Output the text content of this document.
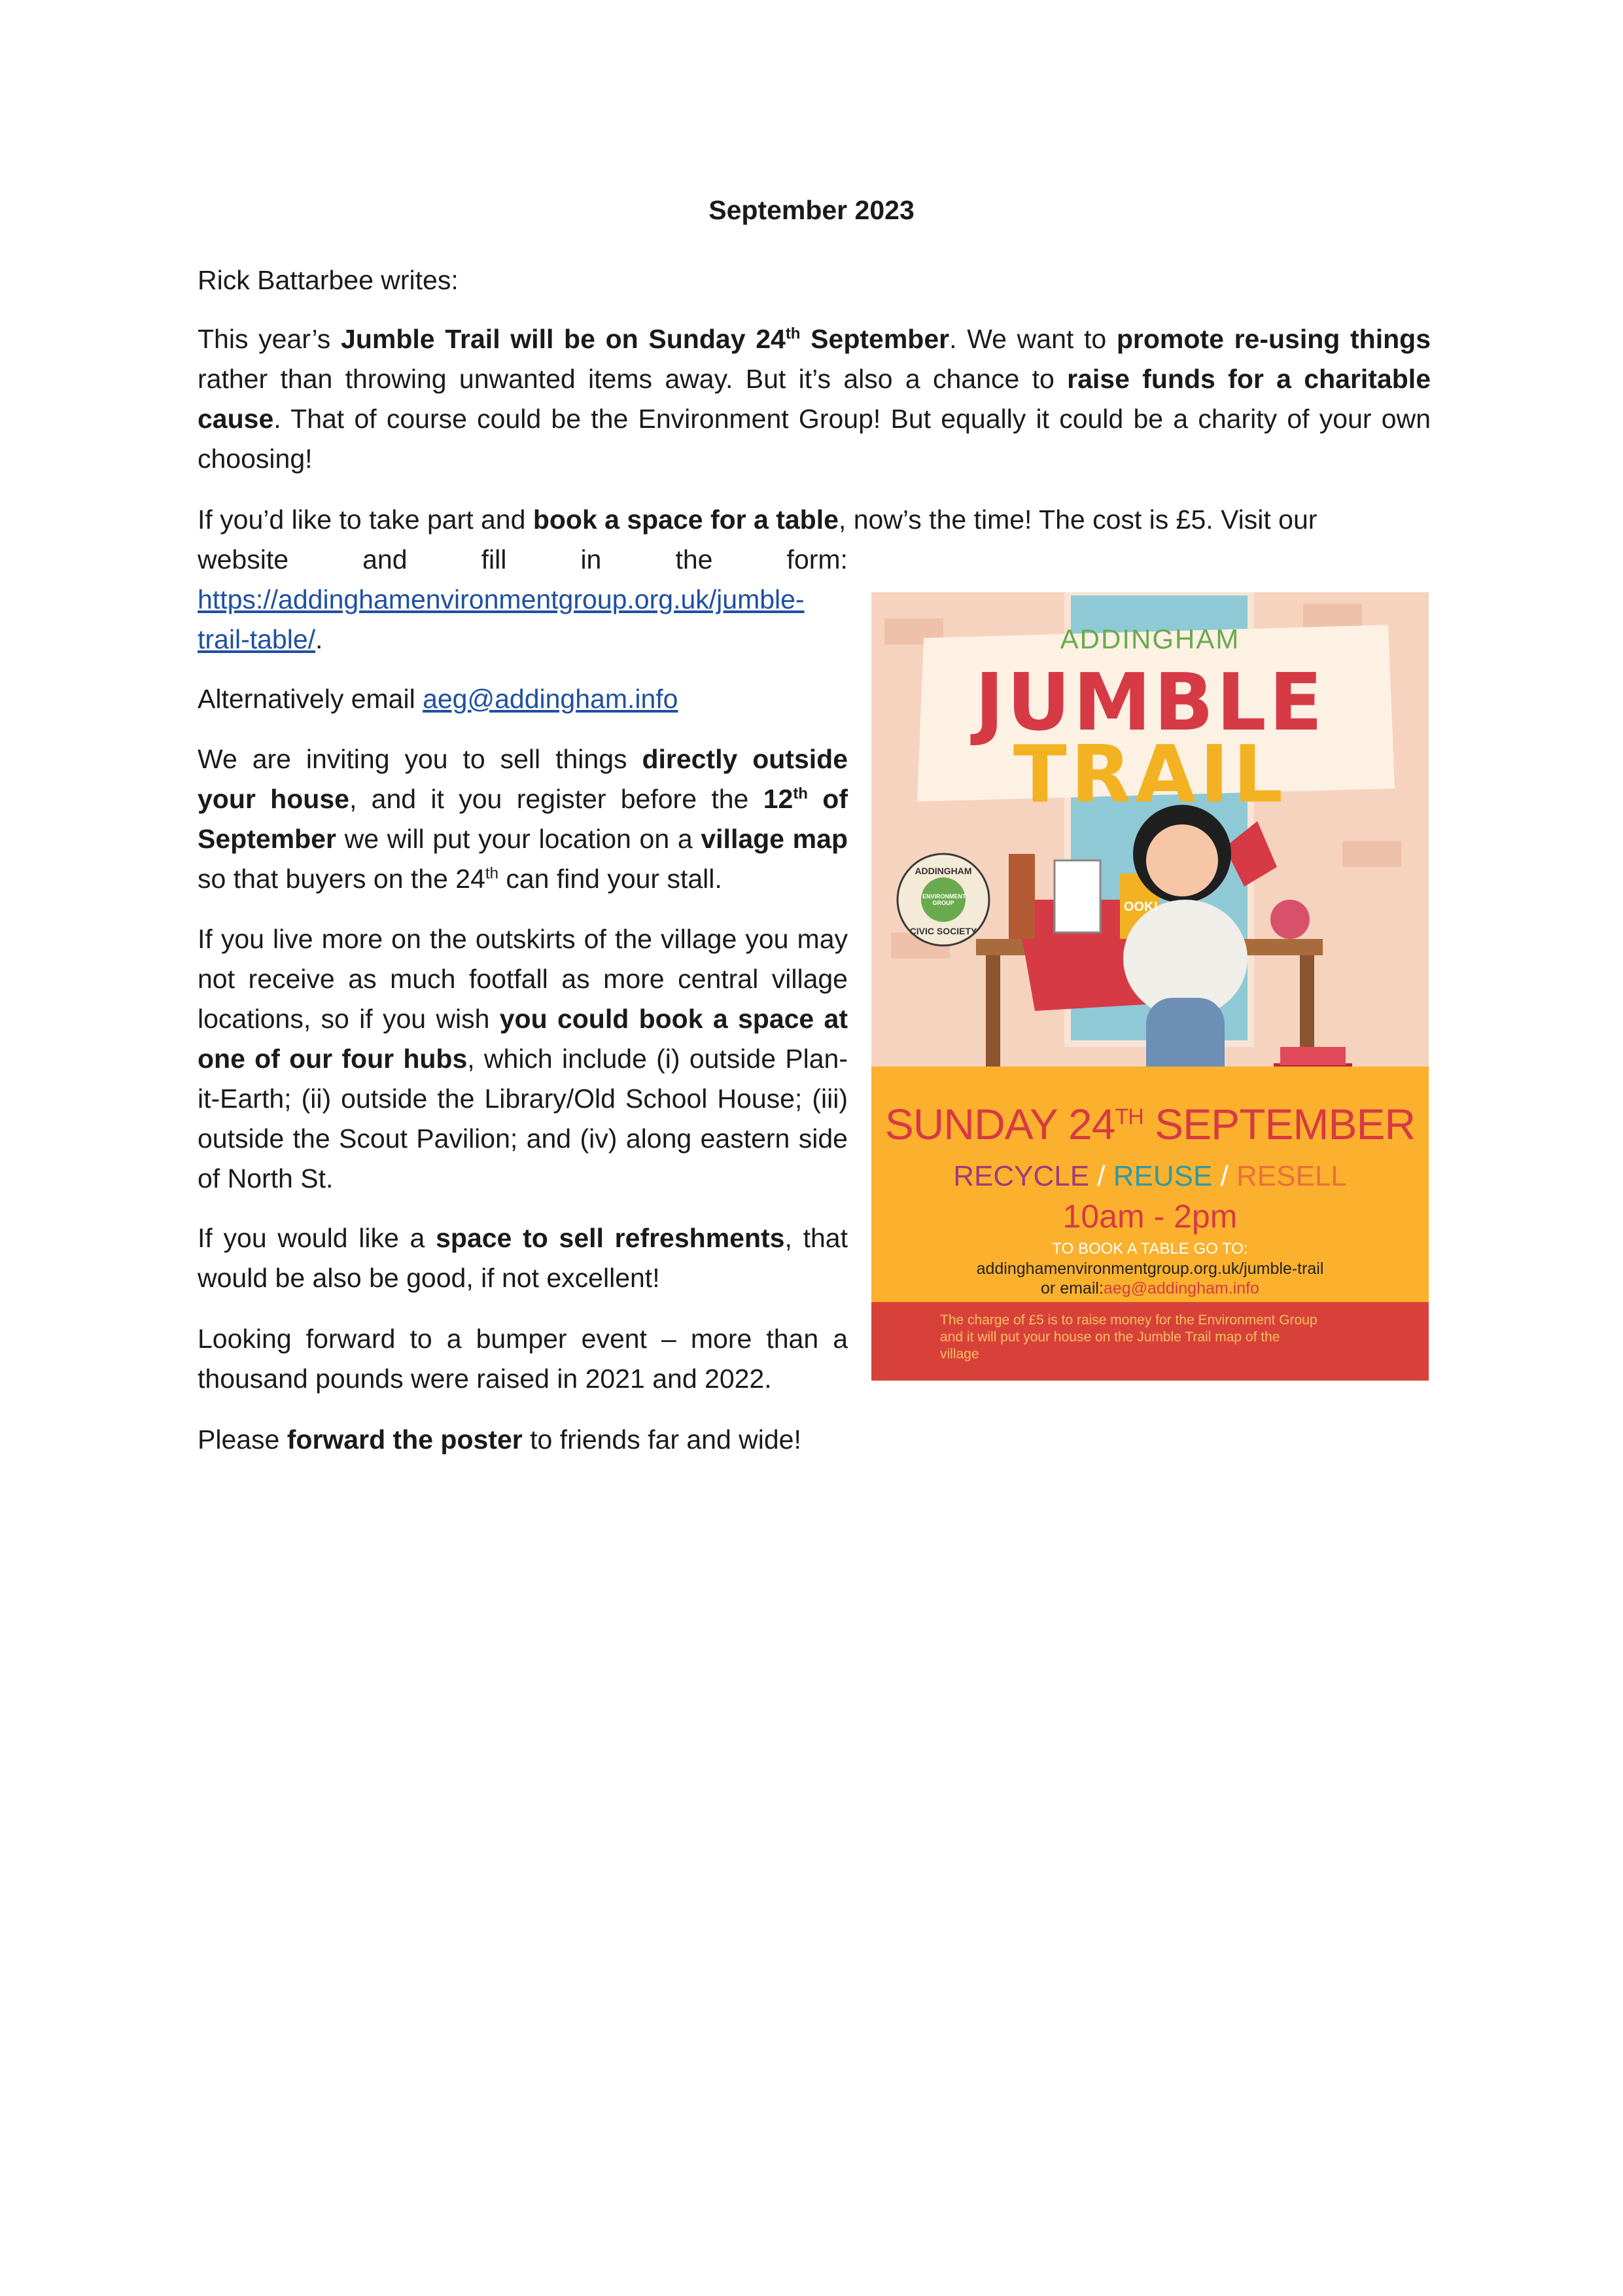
September 2023

Rick Battarbee writes:

This year’s Jumble Trail will be on Sunday 24th September. We want to promote re-using things rather than throwing unwanted items away. But it’s also a chance to raise funds for a charitable cause. That of course could be the Environment Group! But equally it could be a charity of your own choosing!

If you’d like to take part and book a space for a table, now’s the time! The cost is £5. Visit our

website	and	fill	in	the	form:
https://addinghamenvironmentgroup.org.uk/jumble-
trail-table/.

Alternatively email aeg@addingham.info

We are inviting you to sell things directly outside your house, and it you register before the 12th of September we will put your location on a village map so that buyers on the 24th can find your stall.

If you live more on the outskirts of the village you may not receive as much footfall as more central village locations, so if you wish you could book a space at one of our four hubs, which include (i) outside Plan-it-Earth; (ii) outside the Library/Old School House; (iii) outside the Scout Pavilion; and (iv) along eastern side of North St.

If you would like a space to sell refreshments, that would be also be good, if not excellent!

Looking forward to a bumper event – more than a thousand pounds were raised in 2021 and 2022.

Please forward the poster to friends far and wide!

ADDINGHAM
JUMBLE
TRAIL
ADDINGHAM
CIVIC SOCIETY
ENVIRONMENT GROUP	OOK!
SUNDAY 24TH SEPTEMBER
RECYCLE / REUSE / RESELL
10am - 2pm
TO BOOK A TABLE GO TO:
addinghamenvironmentgroup.org.uk/jumble-trail
or email:aeg@addingham.info
The charge of £5 is to raise money for the Environment Group
and it will put your house on the Jumble Trail map of the
village
